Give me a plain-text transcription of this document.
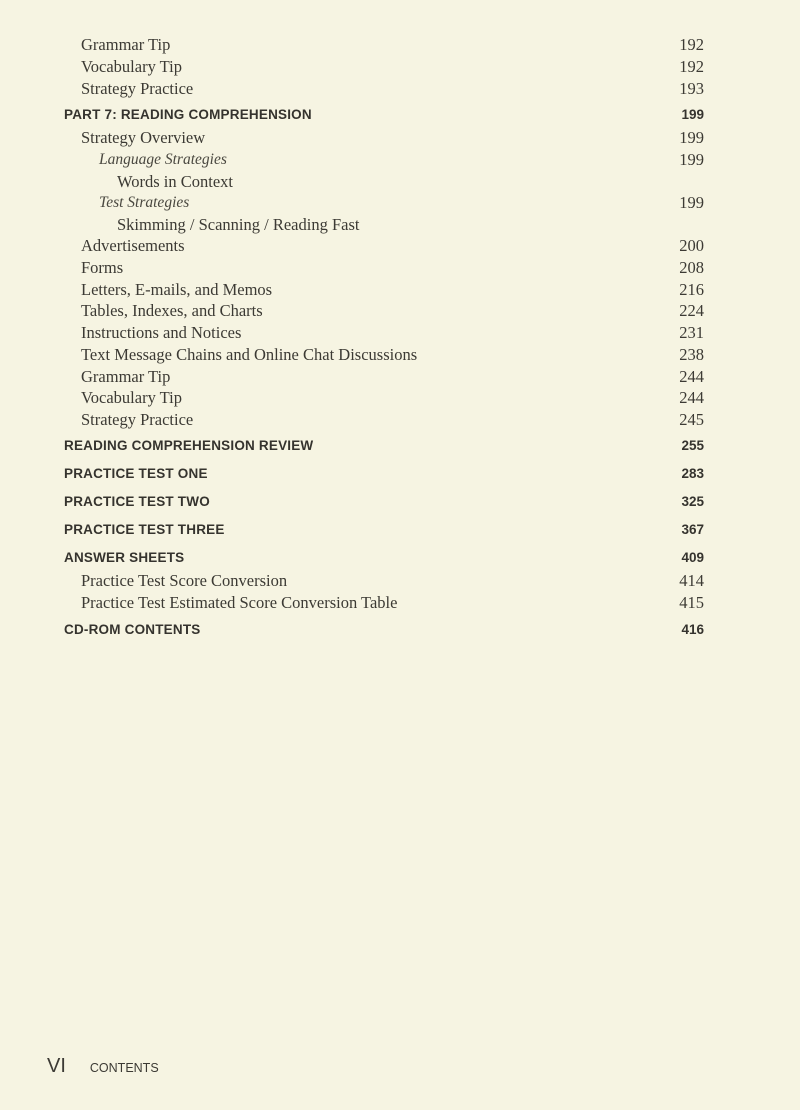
Grammar Tip	192
Vocabulary Tip	192
Strategy Practice	193
PART 7: READING COMPREHENSION	199
Strategy Overview	199
Language Strategies	199
Words in Context
Test Strategies	199
Skimming / Scanning / Reading Fast
Advertisements	200
Forms	208
Letters, E-mails, and Memos	216
Tables, Indexes, and Charts	224
Instructions and Notices	231
Text Message Chains and Online Chat Discussions	238
Grammar Tip	244
Vocabulary Tip	244
Strategy Practice	245
READING COMPREHENSION REVIEW	255
PRACTICE TEST ONE	283
PRACTICE TEST TWO	325
PRACTICE TEST THREE	367
ANSWER SHEETS	409
Practice Test Score Conversion	414
Practice Test Estimated Score Conversion Table	415
CD-ROM CONTENTS	416
VI CONTENTS
